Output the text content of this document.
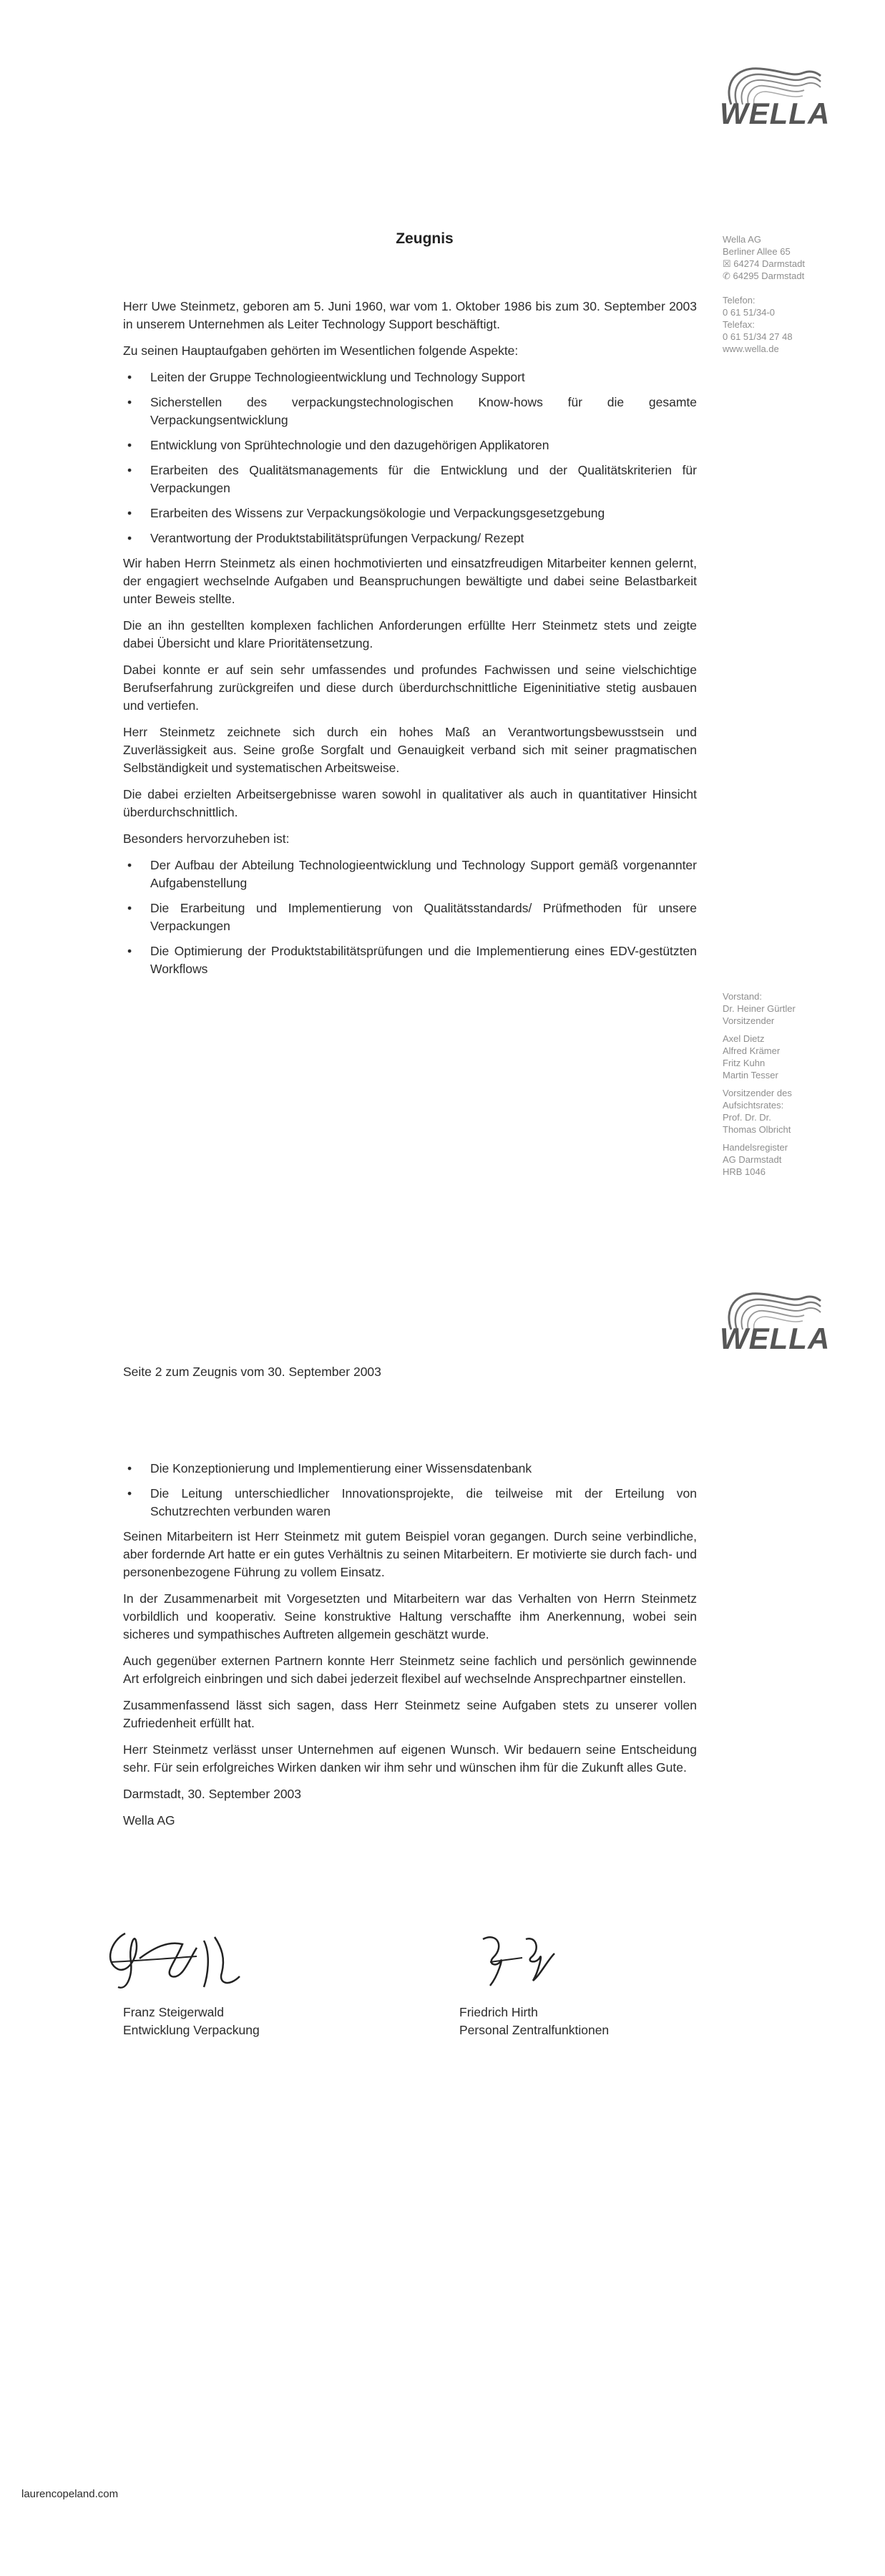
WELLA
Wella AG
Berliner Allee 65
☒ 64274 Darmstadt
✆ 64295 Darmstadt
Telefon:
0 61 51/34-0
Telefax:
0 61 51/34 27 48
www.wella.de
Vorstand:
Dr. Heiner Gürtler
Vorsitzender
Axel Dietz
Alfred Krämer
Fritz Kuhn
Martin Tesser
Vorsitzender des
Aufsichtsrates:
Prof. Dr. Dr.
Thomas Olbricht
Handelsregister
AG Darmstadt
HRB 1046
Zeugnis

Herr Uwe Steinmetz, geboren am 5. Juni 1960, war vom 1. Oktober 1986 bis zum 30. September 2003 in unserem Unternehmen als Leiter Technology Support beschäftigt.

Zu seinen Hauptaufgaben gehörten im Wesentlichen folgende Aspekte:

• Leiten der Gruppe Technologieentwicklung und Technology Support
• Sicherstellen des verpackungstechnologischen Know-hows für die gesamte Verpackungsentwicklung
• Entwicklung von Sprühtechnologie und den dazugehörigen Applikatoren
• Erarbeiten des Qualitätsmanagements für die Entwicklung und der Qualitätskriterien für Verpackungen
• Erarbeiten des Wissens zur Verpackungsökologie und Verpackungsgesetzgebung
• Verantwortung der Produktstabilitätsprüfungen Verpackung/ Rezept

Wir haben Herrn Steinmetz als einen hochmotivierten und einsatzfreudigen Mitarbeiter kennen gelernt, der engagiert wechselnde Aufgaben und Beanspruchungen bewältigte und dabei seine Belastbarkeit unter Beweis stellte.

Die an ihn gestellten komplexen fachlichen Anforderungen erfüllte Herr Steinmetz stets und zeigte dabei Übersicht und klare Prioritätensetzung.

Dabei konnte er auf sein sehr umfassendes und profundes Fachwissen und seine vielschichtige Berufserfahrung zurückgreifen und diese durch überdurchschnittliche Eigeninitiative stetig ausbauen und vertiefen.

Herr Steinmetz zeichnete sich durch ein hohes Maß an Verantwortungsbewusstsein und Zuverlässigkeit aus. Seine große Sorgfalt und Genauigkeit verband sich mit seiner pragmatischen Selbständigkeit und systematischen Arbeitsweise.

Die dabei erzielten Arbeitsergebnisse waren sowohl in qualitativer als auch in quantitativer Hinsicht überdurchschnittlich.

Besonders hervorzuheben ist:

• Der Aufbau der Abteilung Technologieentwicklung und Technology Support gemäß vorgenannter Aufgabenstellung
• Die Erarbeitung und Implementierung von Qualitätsstandards/ Prüfmethoden für unsere Verpackungen
• Die Optimierung der Produktstabilitätsprüfungen und die Implementierung eines EDV-gestützten Workflows
WELLA

Seite 2 zum Zeugnis vom 30. September 2003

• Die Konzeptionierung und Implementierung einer Wissensdatenbank
• Die Leitung unterschiedlicher Innovationsprojekte, die teilweise mit der Erteilung von Schutzrechten verbunden waren

Seinen Mitarbeitern ist Herr Steinmetz mit gutem Beispiel voran gegangen. Durch seine verbindliche, aber fordernde Art hatte er ein gutes Verhältnis zu seinen Mitarbeitern. Er motivierte sie durch fach- und personenbezogene Führung zu vollem Einsatz.

In der Zusammenarbeit mit Vorgesetzten und Mitarbeitern war das Verhalten von Herrn Steinmetz vorbildlich und kooperativ. Seine konstruktive Haltung verschaffte ihm Anerkennung, wobei sein sicheres und sympathisches Auftreten allgemein geschätzt wurde.

Auch gegenüber externen Partnern konnte Herr Steinmetz seine fachlich und persönlich gewinnende Art erfolgreich einbringen und sich dabei jederzeit flexibel auf wechselnde Ansprechpartner einstellen.

Zusammenfassend lässt sich sagen, dass Herr Steinmetz seine Aufgaben stets zu unserer vollen Zufriedenheit erfüllt hat.

Herr Steinmetz verlässt unser Unternehmen auf eigenen Wunsch. Wir bedauern seine Entscheidung sehr. Für sein erfolgreiches Wirken danken wir ihm sehr und wünschen ihm für die Zukunft alles Gute.

Darmstadt, 30. September 2003

Wella AG

Franz Steigerwald
Entwicklung Verpackung
Friedrich Hirth
Personal Zentralfunktionen
laurencopeland.com
